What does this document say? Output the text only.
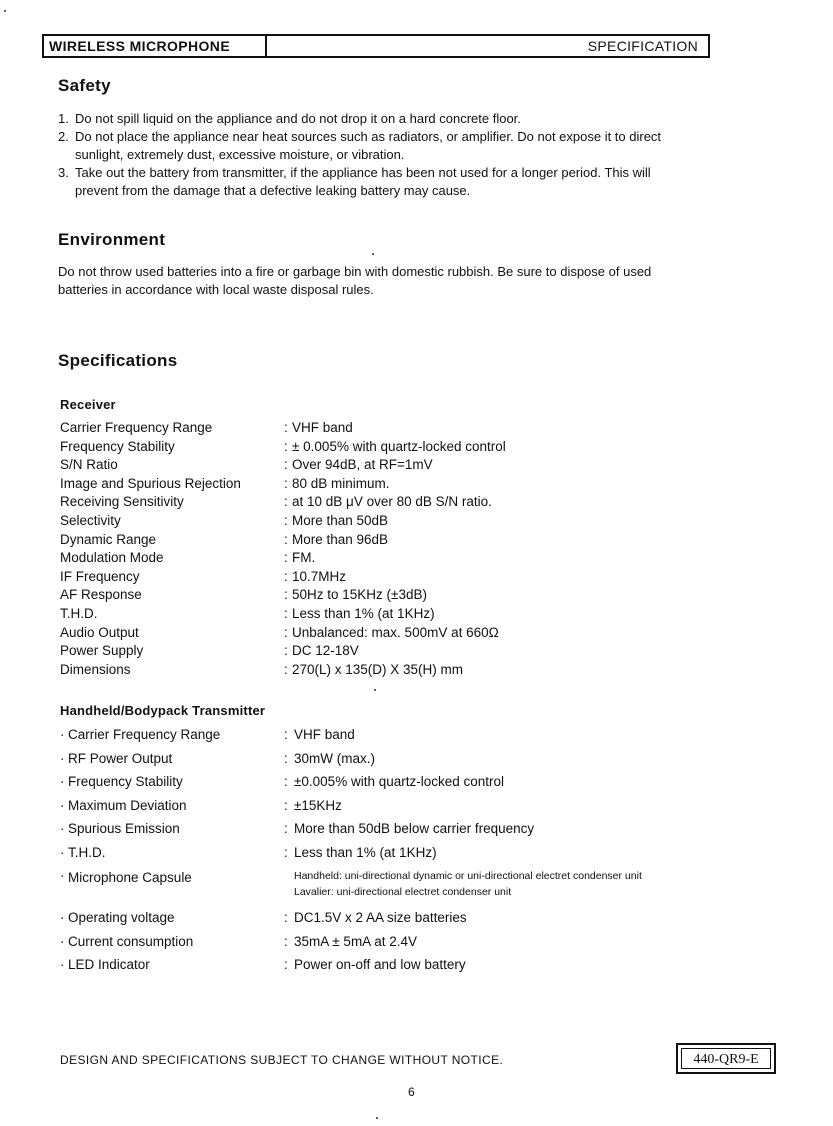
WIRELESS MICROPHONE	SPECIFICATION
Safety
1. Do not spill liquid on the appliance and do not drop it on a hard concrete floor.
2. Do not place the appliance near heat sources such as radiators, or amplifier. Do not expose it to direct sunlight, extremely dust, excessive moisture, or vibration.
3. Take out the battery from transmitter, if the appliance has been not used for a longer period. This will prevent from the damage that a defective leaking battery may cause.
Environment
Do not throw used batteries into a fire or garbage bin with domestic rubbish. Be sure to dispose of used batteries in accordance with local waste disposal rules.
Specifications
Receiver
Carrier Frequency Range	: VHF band
Frequency Stability	: ± 0.005% with quartz-locked control
S/N Ratio	: Over 94dB, at RF=1mV
Image and Spurious Rejection	: 80 dB minimum.
Receiving Sensitivity	: at 10 dB μV over 80 dB S/N ratio.
Selectivity	: More than 50dB
Dynamic Range	: More than 96dB
Modulation Mode	: FM.
IF Frequency	: 10.7MHz
AF Response	: 50Hz to 15KHz (±3dB)
T.H.D.	: Less than 1% (at 1KHz)
Audio Output	: Unbalanced: max. 500mV at 660Ω
Power Supply	: DC 12-18V
Dimensions	: 270(L) x 135(D) X 35(H) mm
Handheld/Bodypack Transmitter
· Carrier Frequency Range	: VHF band
· RF Power Output	: 30mW (max.)
· Frequency Stability	: ±0.005% with quartz-locked control
· Maximum Deviation	: ±15KHz
· Spurious Emission	: More than 50dB below carrier frequency
· T.H.D.	: Less than 1% (at 1KHz)
· Microphone Capsule	Handheld: uni-directional dynamic or uni-directional electret condenser unit
Lavalier: uni-directional electret condenser unit
· Operating voltage	: DC1.5V x 2 AA size batteries
· Current consumption	: 35mA ± 5mA at 2.4V
· LED Indicator	: Power on-off and low battery
DESIGN AND SPECIFICATIONS SUBJECT TO CHANGE WITHOUT NOTICE.	440-QR9-E
6
